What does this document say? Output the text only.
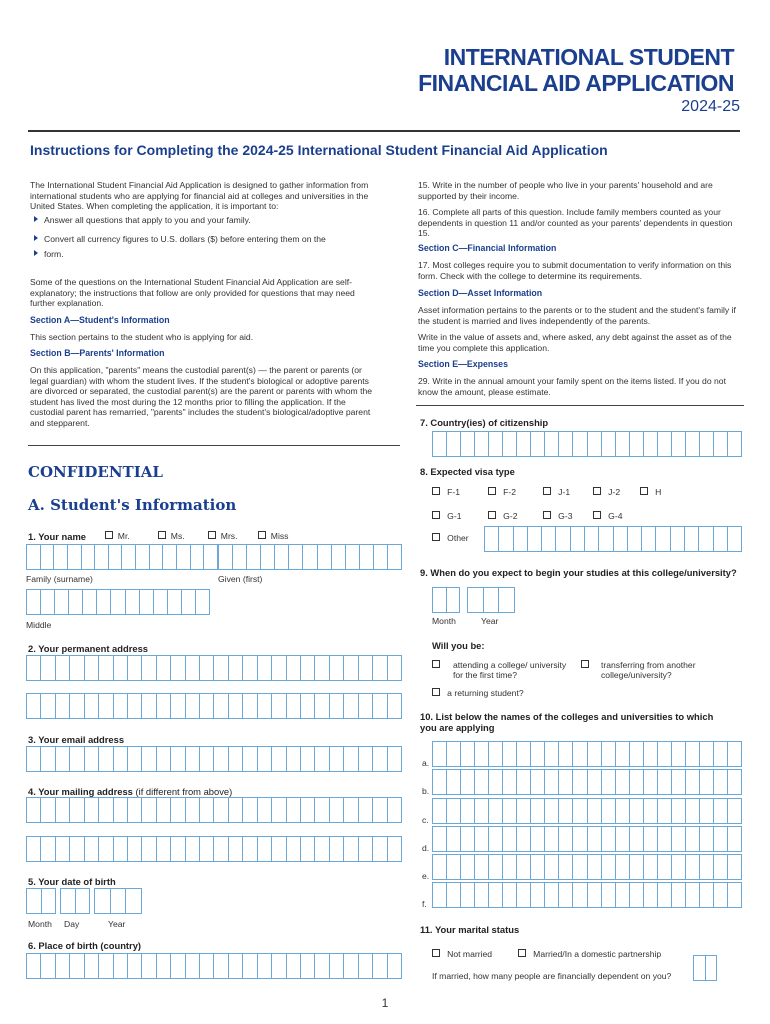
INTERNATIONAL STUDENT
FINANCIAL AID APPLICATION
2024-25
Instructions for Completing the 2024-25 International Student Financial Aid Application
The International Student Financial Aid Application is designed to gather information from international students who are applying for financial aid at colleges and universities in the United States. When completing the application, it is important to:
Answer all questions that apply to you and your family.
Convert all currency figures to U.S. dollars ($) before entering them on the
form.
Some of the questions on the International Student Financial Aid Application are self-explanatory; the instructions that follow are only provided for questions that may need further explanation.
Section A—Student's Information
This section pertains to the student who is applying for aid.
Section B—Parents' Information
On this application, "parents" means the custodial parent(s) — the parent or parents (or legal guardian) with whom the student lives. If the student's biological or adoptive parents are divorced or separated, the custodial parent(s) are the parent or parents with whom the student has lived the most during the 12 months prior to filling the application. If the custodial parent has remarried, "parents" includes the student's biological/adoptive parent and stepparent.
15. Write in the number of people who live in your parents' household and are supported by their income.
16. Complete all parts of this question. Include family members counted as your dependents in question 11 and/or counted as your parents' dependents in question 15.
Section C—Financial Information
17. Most colleges require you to submit documentation to verify information on this form. Check with the college to determine its requirements.
Section D—Asset Information
Asset information pertains to the parents or to the student and the student's family if the student is married and lives independently of the parents.
Write in the value of assets and, where asked, any debt against the asset as of the time you complete this application.
Section E—Expenses
29. Write in the annual amount your family spent on the items listed. If you do not know the amount, please estimate.
CONFIDENTIAL
A. Student's Information
1. Your name	Mr.	Ms.	Mrs.	Miss
Family (surname)	Given (first)
Middle
2. Your permanent address
3. Your email address
4. Your mailing address (if different from above)
5. Your date of birth
Month Day	Year
6. Place of birth (country)
7. Country(ies) of citizenship
8. Expected visa type
F-1	F-2	J-1	J-2	H
G-1	G-2	G-3	G-4
Other
9. When do you expect to begin your studies at this college/university?
Month	Year
Will you be:
attending a college/ university for the first time?
transferring from another college/university?
a returning student?
10. List below the names of the colleges and universities to which you are applying
a.
b.
c.
d.
e.
f.
11. Your marital status
Not married	Married/In a domestic partnership
If married, how many people are financially dependent on you?
1
